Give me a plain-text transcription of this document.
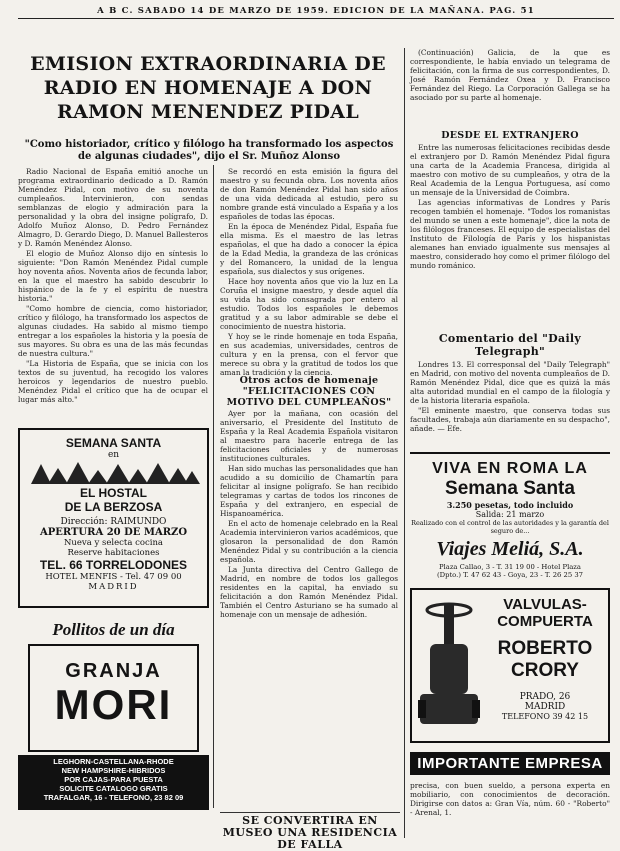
A B C. SABADO 14 DE MARZO DE 1959. EDICION DE LA MAÑANA. PAG. 51
EMISION EXTRAORDINARIA DE RADIO EN HOMENAJE A DON RAMON MENENDEZ PIDAL
"Como historiador, crítico y filólogo ha transformado los aspectos de algunas ciudades", dijo el Sr. Muñoz Alonso

Radio Nacional de España emitió anoche un programa extraordinario dedicado a D. Ramón Menéndez Pidal, con motivo de su noventa cumpleaños. Intervinieron, con sendas semblanzas de elogio y admiración para la personalidad y la obra del insigne polígrafo, D. Adolfo Muñoz Alonso, D. Pedro Fernández Almagro, D. Gerardo Diego, D. Manuel Ballesteros y D. Ramón Menéndez Alonso.

El elogio de Muñoz Alonso dijo en síntesis lo siguiente: "Don Ramón Menéndez Pidal cumple hoy noventa años. Noventa años de fecunda labor, en la que el maestro ha sabido descubrir lo hispánico de la fe y el espíritu de nuestra historia."

"Como hombre de ciencia, como historiador, crítico y filólogo, ha transformado los aspectos de algunas ciudades. Ha sabido al mismo tiempo entregar a los españoles la historia y la poesía de sus mayores. Su obra es una de las más fecundas de nuestra cultura."

"La Historia de España, que se inicia con los textos de su juventud, ha recogido los valores heroicos y legendarios de nuestro pueblo. Menéndez Pidal el crítico que ha de ocupar el lugar más alto."

Se recordó en esta emisión la figura del maestro y su fecunda obra. Los noventa años de don Ramón Menéndez Pidal han sido años de una vida dedicada al estudio, pero su nombre grande está vinculado a España y a los españoles de todas las épocas.

En la época de Menéndez Pidal, España fue ella misma. Es el maestro de las letras españolas, el que ha dado a conocer la épica de la Edad Media, la grandeza de las crónicas y del Romancero, la unidad de la lengua española, sus dialectos y sus orígenes.

Hace hoy noventa años que vio la luz en La Coruña el insigne maestro, y desde aquel día su vida ha sido consagrada por entero al estudio. Todos los españoles le debemos gratitud y a su labor admirable se debe el conocimiento de nuestra historia.

Y hoy se le rinde homenaje en toda España, en sus academias, universidades, centros de cultura y en la prensa, con el fervor que merece su obra y la gratitud de todos los que aman la tradición y la ciencia.

Otros actos de homenaje "FELICITACIONES CON MOTIVO DEL CUMPLEAÑOS"

Ayer por la mañana, con ocasión del aniversario, el Presidente del Instituto de España y la Real Academia Española visitaron al maestro para hacerle entrega de las felicitaciones oficiales y de numerosas instituciones culturales.

Han sido muchas las personalidades que han acudido a su domicilio de Chamartín para felicitar al insigne polígrafo. Se han recibido telegramas y cartas de todos los rincones de España y del extranjero, en especial de Hispanoamérica.

En el acto de homenaje celebrado en la Real Academia intervinieron varios académicos, que glosaron la personalidad de don Ramón Menéndez Pidal y su contribución a la ciencia española.

La Junta directiva del Centro Gallego de Madrid, en nombre de todos los gallegos residentes en la capital, ha enviado su felicitación a don Ramón Menéndez Pidal. También el Centro Asturiano se ha sumado al homenaje con un mensaje de adhesión.

SE CONVERTIRA EN MUSEO UNA RESIDENCIA DE FALLA

(Continuación) Galicia, de la que es correspondiente, le había enviado un telegrama de felicitación, con la firma de sus correspondientes, D. José Ramón Fernández Oxea y D. Francisco Fernández del Riego. La Corporación Gallega se ha asociado por su parte al homenaje.

DESDE EL EXTRANJERO

Entre las numerosas felicitaciones recibidas desde el extranjero por D. Ramón Menéndez Pidal figura una carta de la Academia Francesa, dirigida al maestro con motivo de su cumpleaños, y otra de la Real Academia de la Lengua Portuguesa, así como un mensaje de la Universidad de Coimbra.

Las agencias informativas de Londres y París recogen también el homenaje. "Todos los romanistas del mundo se unen a este homenaje", dice la nota de los filólogos franceses. El equipo de especialistas del Instituto de Filología de París y los hispanistas alemanes han enviado igualmente sus mensajes al maestro, considerado hoy como el primer filólogo del mundo románico.

Comentario del "Daily Telegraph"

Londres 13. El corresponsal del "Daily Telegraph" en Madrid, con motivo del noventa cumpleaños de D. Ramón Menéndez Pidal, dice que es quizá la más alta autoridad mundial en el campo de la filología y de la historia literaria española.

"El eminente maestro, que conserva todas sus facultades, trabaja aún diariamente en su despacho", añade. — Efe.

SEMANA SANTA
en
EL HOSTAL
DE LA BERZOSA
Dirección: RAIMUNDO
APERTURA 20 DE MARZO
Nueva y selecta cocina
Reserve habitaciones
TEL. 66 TORRELODONES
HOTEL MENFIS - Tel. 47 09 00
MADRID
Pollitos de un día
GRANJA
MORI
LEGHORN-CASTELLANA-RHODE
NEW HAMPSHIRE-HIBRIDOS
POR CAJAS-PARA PUESTA
SOLICITE CATALOGO GRATIS
TRAFALGAR, 16 - TELEFONO, 23 82 09
VIVA EN ROMA LA
Semana Santa
3.250 pesetas, todo incluido
Salida: 21 marzo
Realizado con el control de las autoridades y la garantía del seguro de...
Viajes Meliá, S.A.
Plaza Callao, 3 - T. 31 19 00 - Hotel Plaza
(Dpto.) T. 47 62 43 - Goya, 23 - T. 26 25 37
VALVULAS-
COMPUERTA
ROBERTO
CRORY
PRADO, 26
MADRID
TELEFONO 39 42 15
IMPORTANTE EMPRESA
precisa, con buen sueldo, a persona experta en mobiliario, con conocimientos de decoración. Dirigirse con datos a: Gran Vía, núm. 60 - "Roberto" - Arenal, 1.
